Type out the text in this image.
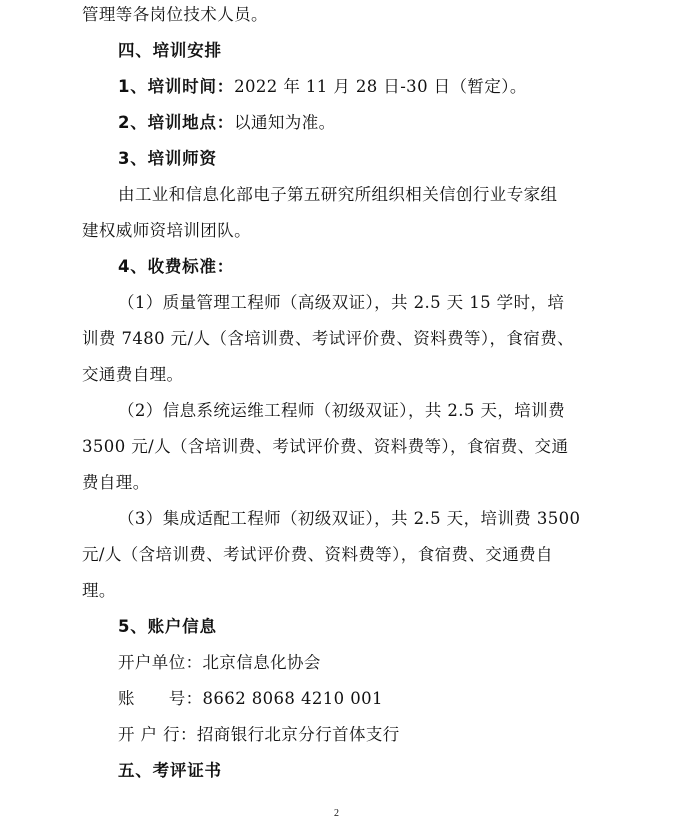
管理等各岗位技术人员。
四、培训安排
1、培训时间：2022 年 11 月 28 日-30 日（暂定）。
2、培训地点：以通知为准。
3、培训师资
由工业和信息化部电子第五研究所组织相关信创行业专家组
建权威师资培训团队。
4、收费标准：
（1）质量管理工程师（高级双证），共 2.5 天 15 学时，培
训费 7480 元/人（含培训费、考试评价费、资料费等），食宿费、
交通费自理。
（2）信息系统运维工程师（初级双证），共 2.5 天，培训费
3500 元/人（含培训费、考试评价费、资料费等），食宿费、交通
费自理。
（3）集成适配工程师（初级双证），共 2.5 天，培训费 3500
元/人（含培训费、考试评价费、资料费等），食宿费、交通费自
理。
5、账户信息
开户单位：北京信息化协会
账　　号：8662 8068 4210 001
开 户 行：招商银行北京分行首体支行
五、考评证书
2
